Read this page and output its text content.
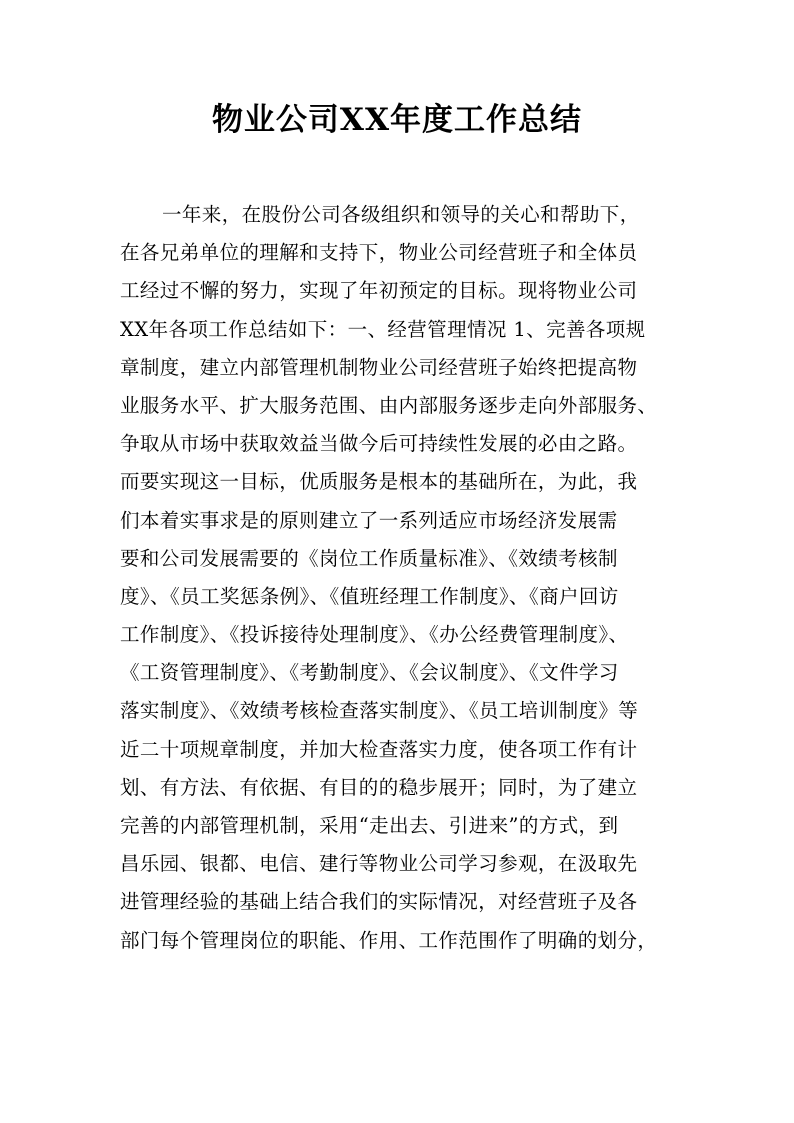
物业公司XX年度工作总结
一年来，在股份公司各级组织和领导的关心和帮助下，
在各兄弟单位的理解和支持下，物业公司经营班子和全体员
工经过不懈的努力，实现了年初预定的目标。现将物业公司
XX年各项工作总结如下：一、经营管理情况 1、完善各项规
章制度，建立内部管理机制物业公司经营班子始终把提高物
业服务水平、扩大服务范围、由内部服务逐步走向外部服务、
争取从市场中获取效益当做今后可持续性发展的必由之路。
而要实现这一目标，优质服务是根本的基础所在，为此，我
们本着实事求是的原则建立了一系列适应市场经济发展需
要和公司发展需要的《岗位工作质量标准》、《效绩考核制
度》、《员工奖惩条例》、《值班经理工作制度》、《商户回访
工作制度》、《投诉接待处理制度》、《办公经费管理制度》、
《工资管理制度》、《考勤制度》、《会议制度》、《文件学习
落实制度》、《效绩考核检查落实制度》、《员工培训制度》等
近二十项规章制度，并加大检查落实力度，使各项工作有计
划、有方法、有依据、有目的的稳步展开；同时，为了建立
完善的内部管理机制，采用“走出去、引进来”的方式，到
昌乐园、银都、电信、建行等物业公司学习参观，在汲取先
进管理经验的基础上结合我们的实际情况，对经营班子及各
部门每个管理岗位的职能、作用、工作范围作了明确的划分，
